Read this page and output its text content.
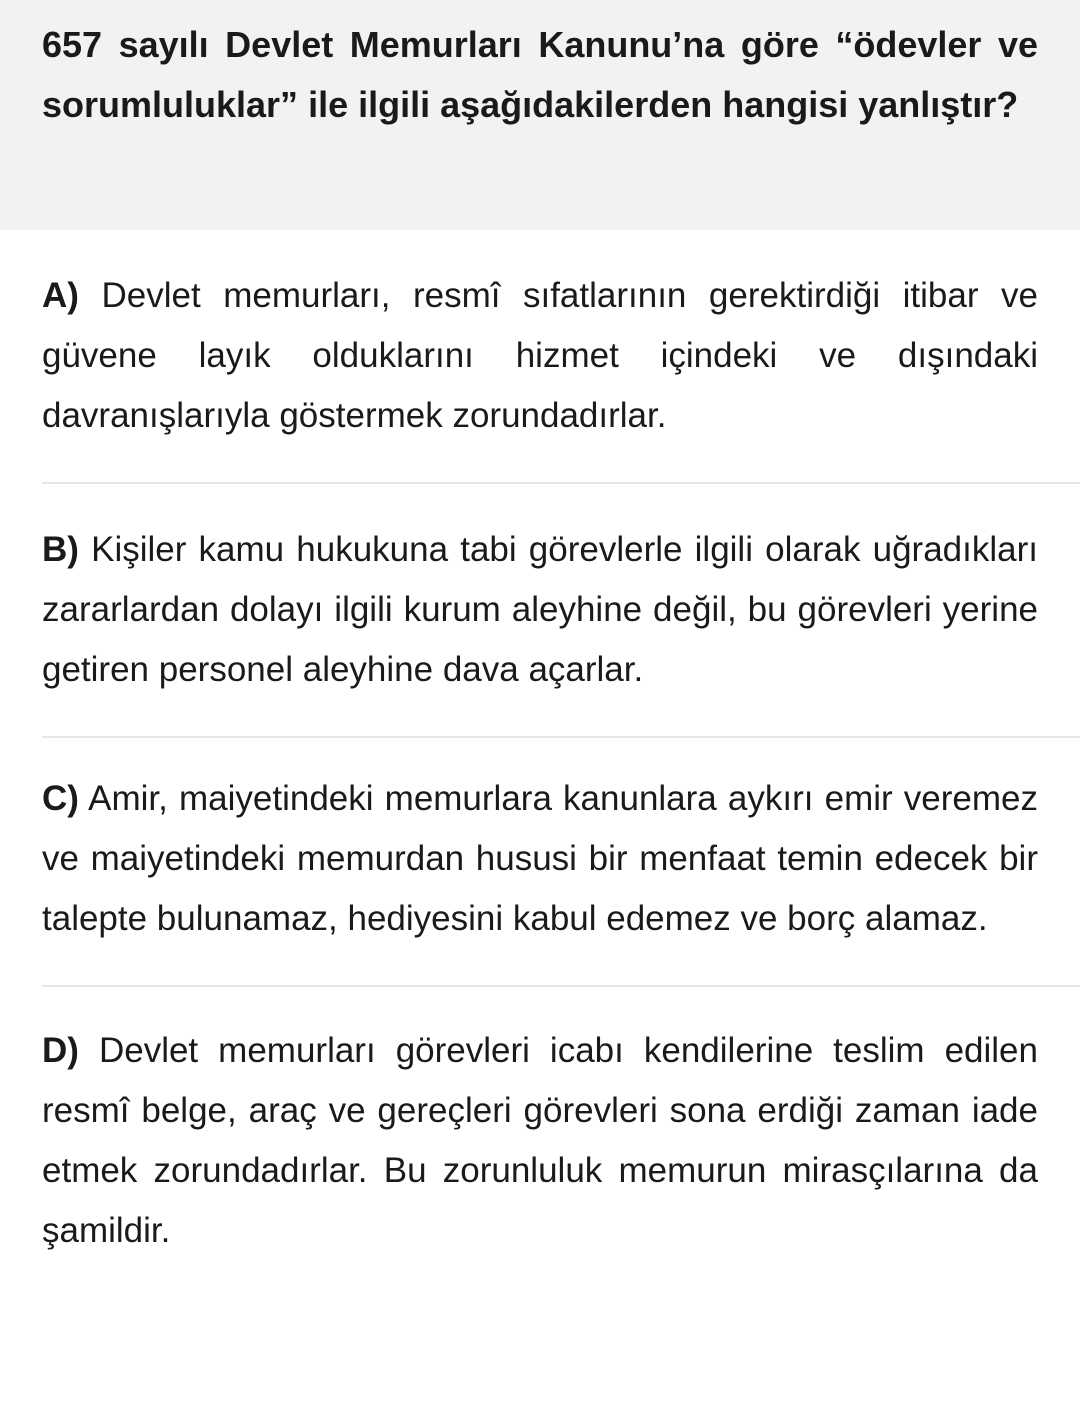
657 sayılı Devlet Memurları Kanunu’na göre “ödevler ve sorumluluklar” ile ilgili aşağıdakilerden hangisi yanlıştır?

A) Devlet memurları, resmî sıfatlarının gerektirdiği itibar ve güvene layık olduklarını hizmet içindeki ve dışındaki davranışlarıyla göstermek zorundadırlar.

B) Kişiler kamu hukukuna tabi görevlerle ilgili olarak uğradıkları zararlardan dolayı ilgili kurum aleyhine değil, bu görevleri yerine getiren personel aleyhine dava açarlar.

C) Amir, maiyetindeki memurlara kanunlara aykırı emir veremez ve maiyetindeki memurdan hususi bir menfaat temin edecek bir talepte bulunamaz, hediyesini kabul edemez ve borç alamaz.

D) Devlet memurları görevleri icabı kendilerine teslim edilen resmî belge, araç ve gereçleri görevleri sona erdiği zaman iade etmek zorundadırlar. Bu zorunluluk memurun mirasçılarına da şamildir.
